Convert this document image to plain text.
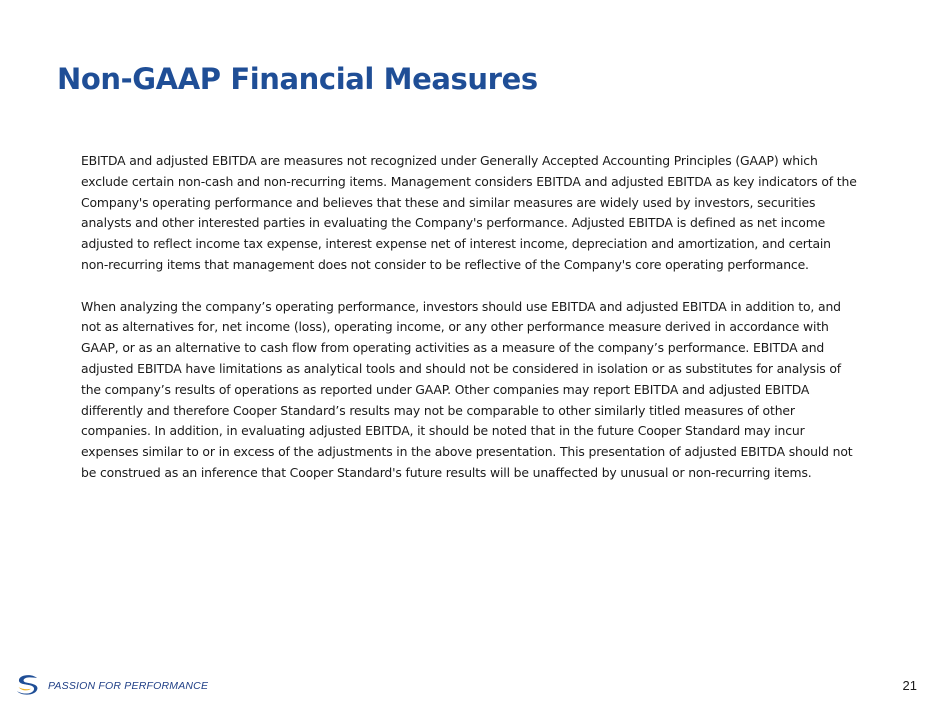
Non-GAAP Financial Measures

EBITDA and adjusted EBITDA are measures not recognized under Generally Accepted Accounting Principles (GAAP) which exclude certain non-cash and non-recurring items. Management considers EBITDA and adjusted EBITDA as key indicators of the Company's operating performance and believes that these and similar measures are widely used by investors, securities analysts and other interested parties in evaluating the Company's performance. Adjusted EBITDA is defined as net income adjusted to reflect income tax expense, interest expense net of interest income, depreciation and amortization, and certain non-recurring items that management does not consider to be reflective of the Company's core operating performance.

When analyzing the company’s operating performance, investors should use EBITDA and adjusted EBITDA in addition to, and not as alternatives for, net income (loss), operating income, or any other performance measure derived in accordance with GAAP, or as an alternative to cash flow from operating activities as a measure of the company’s performance. EBITDA and adjusted EBITDA have limitations as analytical tools and should not be considered in isolation or as substitutes for analysis of the company’s results of operations as reported under GAAP. Other companies may report EBITDA and adjusted EBITDA differently and therefore Cooper Standard’s results may not be comparable to other similarly titled measures of other companies. In addition, in evaluating adjusted EBITDA, it should be noted that in the future Cooper Standard may incur expenses similar to or in excess of the adjustments in the above presentation. This presentation of adjusted EBITDA should not be construed as an inference that Cooper Standard's future results will be unaffected by unusual or non-recurring items.

PASSION FOR PERFORMANCE	21
